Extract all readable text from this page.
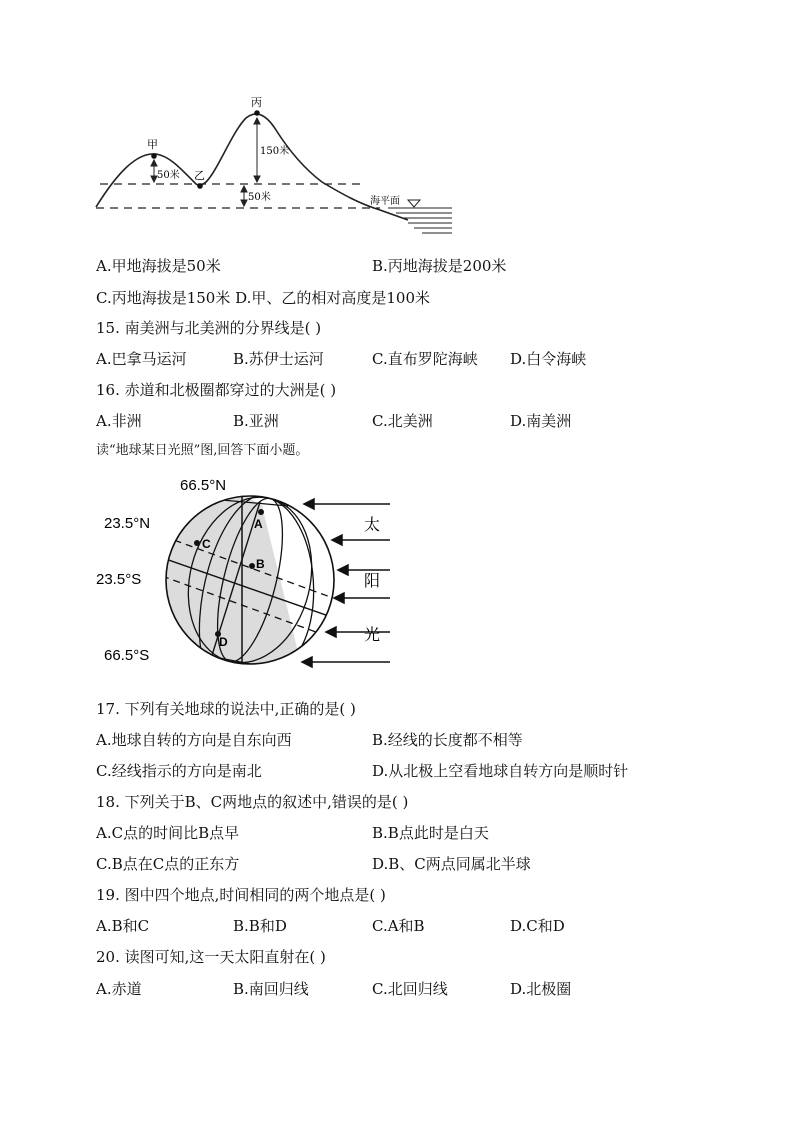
甲
乙
丙
50米
150米
50米	海平面
A.甲地海拔是50米	B.丙地海拔是200米
C.丙地海拔是150米 D.甲、乙的相对高度是100米
15. 南美洲与北美洲的分界线是( )
A.巴拿马运河	B.苏伊士运河	C.直布罗陀海峡 D.白令海峡
16. 赤道和北极圈都穿过的大洲是( )
A.非洲	B.亚洲	C.北美洲	D.南美洲
读“地球某日光照”图,回答下面小题。
A
B
C
D
66.5°N
23.5°N
23.5°S
66.5°S
太
阳
光
17. 下列有关地球的说法中,正确的是( )
A.地球自转的方向是自东向西	B.经线的长度都不相等
C.经线指示的方向是南北	D.从北极上空看地球自转方向是顺时针
18. 下列关于B、C两地点的叙述中,错误的是( )
A.C点的时间比B点早	B.B点此时是白天
C.B点在C点的正东方	D.B、C两点同属北半球
19. 图中四个地点,时间相同的两个地点是( )
A.B和C	B.B和D	C.A和B	D.C和D
20. 读图可知,这一天太阳直射在( )
A.赤道	B.南回归线	C.北回归线	D.北极圈
